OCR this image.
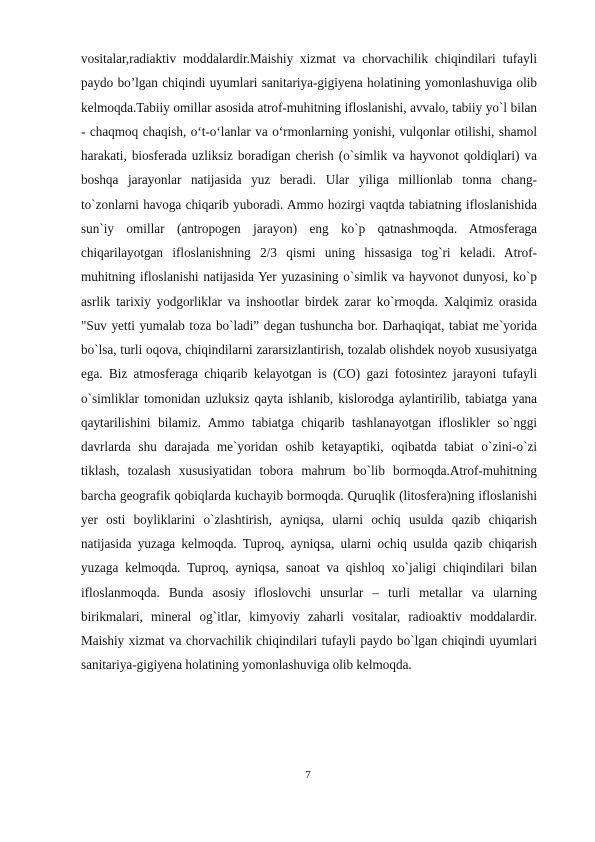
vositalar,radiaktiv moddalardir.Maishiy xizmat va chorvachilik chiqindilari tufayli paydo bo’lgan chiqindi uyumlari sanitariya-gigiyena holatining yomonlashuviga olib kelmoqda.Tabiiy omillar asosida atrof-muhitning ifloslanishi, avvalo, tabiiy yo`l bilan - chaqmoq chaqish, o‘t-o‘lanlar va o‘rmonlarning yonishi, vulqonlar otilishi, shamol harakati, biosferada uzliksiz boradigan cherish (o`simlik va hayvonot qoldiqlari) va boshqa jarayonlar natijasida yuz beradi. Ular yiliga millionlab tonna chang-to`zonlarni havoga chiqarib yuboradi. Ammo hozirgi vaqtda tabiatning ifloslanishida sun`iy omillar (antropogen jarayon) eng ko`p qatnashmoqda. Atmosferaga chiqarilayotgan ifloslanishning 2/3 qismi uning hissasiga tog`ri keladi. Atrof-muhitning ifloslanishi natijasida Yer yuzasining o`simlik va hayvonot dunyosi, ko`p asrlik tarixiy yodgorliklar va inshootlar birdek zarar ko`rmoqda. Xalqimiz orasida "Suv yetti yumalab toza bo`ladi” degan tushuncha bor. Darhaqiqat, tabiat me`yorida bo`lsa, turli oqova, chiqindilarni zararsizlantirish, tozalab olishdek noyob xususiyatga ega. Biz atmosferaga chiqarib kelayotgan is (CO) gazi fotosintez jarayoni tufayli o`simliklar tomonidan uzluksiz qayta ishlanib, kislorodga aylantirilib, tabiatga yana qaytarilishini bilamiz. Ammo tabiatga chiqarib tashlanayotgan ifloslikler so`nggi davrlarda shu darajada me`yoridan oshib ketayaptiki, oqibatda tabiat o`zini-o`zi tiklash, tozalash xususiyatidan tobora mahrum bo`lib bormoqda.Atrof-muhitning barcha geografik qobiqlarda kuchayib bormoqda. Quruqlik (litosfera)ning ifloslanishi yer osti boyliklarini o`zlashtirish, ayniqsa, ularni ochiq usulda qazib chiqarish natijasida yuzaga kelmoqda. Tuproq, ayniqsa, ularni ochiq usulda qazib chiqarish yuzaga kelmoqda. Tuproq, ayniqsa, sanoat va qishloq xo`jaligi chiqindilari bilan ifloslanmoqda. Bunda asosiy ifloslovchi unsurlar – turli metallar va ularning birikmalari, mineral og`itlar, kimyoviy zaharli vositalar, radioaktiv moddalardir. Maishiy xizmat va chorvachilik chiqindilari tufayli paydo bo`lgan chiqindi uyumlari sanitariya-gigiyena holatining yomonlashuviga olib kelmoqda.

7
